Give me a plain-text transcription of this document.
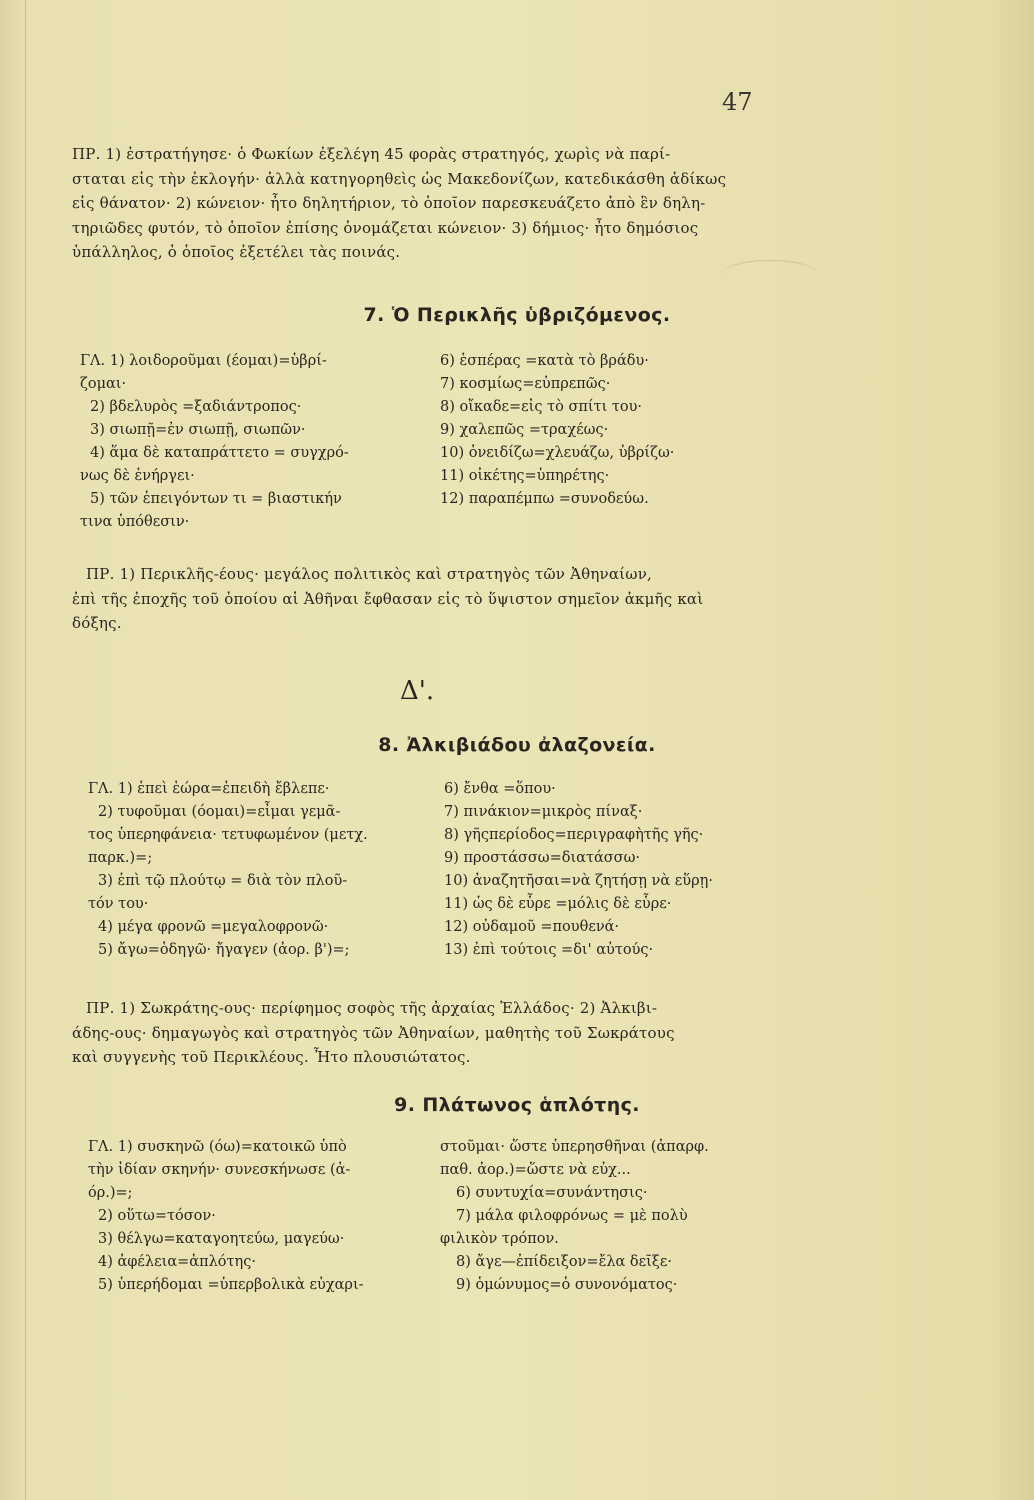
47
ΠΡ. 1) ἐστρατήγησε· ὁ Φωκίων ἐξελέγη 45 φορὰς στρατηγός, χωρὶς νὰ παρί-
σταται εἰς τὴν ἐκλογήν· ἀλλὰ κατηγορηθεὶς ὡς Μακεδονίζων, κατεδικάσθη ἀδίκως
εἰς θάνατον· 2) κώνειον· ἦτο δηλητήριον, τὸ ὁποῖον παρεσκευάζετο ἀπὸ ἓν δηλη-
τηριῶδες φυτόν, τὸ ὁποῖον ἐπίσης ὀνομάζεται κώνειον· 3) δήμιος· ἦτο δημόσιος
ὑπάλληλος, ὁ ὁποῖος ἐξετέλει τὰς ποινάς.
7. Ὁ Περικλῆς ὑβριζόμενος.
ΓΛ. 1) λοιδοροῦμαι (έομαι)=ὑβρί-
ζομαι·
2) βδελυρὸς =ξαδιάντροπος·
3) σιωπῇ=ἐν σιωπῇ, σιωπῶν·
4) ἅμα δὲ καταπράττετο = συγχρό-
νως δὲ ἐνήργει·
5) τῶν ἐπειγόντων τι = βιαστικήν
τινα ὑπόθεσιν·
6) ἑσπέρας =κατὰ τὸ βράδυ·
7) κοσμίως=εὐπρεπῶς·
8) οἴκαδε=εἰς τὸ σπίτι του·
9) χαλεπῶς =τραχέως·
10) ὀνειδίζω=χλευάζω, ὑβρίζω·
11) οἰκέτης=ὑπηρέτης·
12) παραπέμπω =συνοδεύω.
ΠΡ. 1) Περικλῆς-έους· μεγάλος πολιτικὸς καὶ στρατηγὸς τῶν Ἀθηναίων,
ἐπὶ τῆς ἐποχῆς τοῦ ὁποίου αἱ Ἀθῆναι ἔφθασαν εἰς τὸ ὕψιστον σημεῖον ἀκμῆς καὶ
δόξης.
Δ'.
8. Ἀλκιβιάδου ἀλαζονεία.
ΓΛ. 1) ἐπεὶ ἑώρα=ἐπειδὴ ἔβλεπε·
2) τυφοῦμαι (όομαι)=εἶμαι γεμᾶ-
τος ὑπερηφάνεια· τετυφωμένον (μετχ.
παρκ.)=;
3) ἐπὶ τῷ πλούτῳ = διὰ τὸν πλοῦ-
τόν του·
4) μέγα φρονῶ =μεγαλοφρονῶ·
5) ἄγω=ὁδηγῶ· ἤγαγεν (ἀορ. β')=;
6) ἔνθα =ὅπου·
7) πινάκιον=μικρὸς πίναξ·
8) γῆςπερίοδος=περιγραφὴτῆς γῆς·
9) προστάσσω=διατάσσω·
10) ἀναζητῆσαι=νὰ ζητήσῃ νὰ εὕρῃ·
11) ὡς δὲ εὗρε =μόλις δὲ εὗρε·
12) οὐδαμοῦ =πουθενά·
13) ἐπὶ τούτοις =δι' αὐτούς·
ΠΡ. 1) Σωκράτης-ους· περίφημος σοφὸς τῆς ἀρχαίας Ἑλλάδος· 2) Ἀλκιβι-
άδης-ους· δημαγωγὸς καὶ στρατηγὸς τῶν Ἀθηναίων, μαθητὴς τοῦ Σωκράτους
καὶ συγγενὴς τοῦ Περικλέους. Ἦτο πλουσιώτατος.
9. Πλάτωνος ἁπλότης.
ΓΛ. 1) συσκηνῶ (όω)=κατοικῶ ὑπὸ
τὴν ἰδίαν σκηνήν· συνεσκήνωσε (ἀ-
όρ.)=;
2) οὕτω=τόσον·
3) θέλγω=καταγοητεύω, μαγεύω·
4) ἀφέλεια=ἁπλότης·
5) ὑπερήδομαι =ὑπερβολικὰ εὐχαρι-
στοῦμαι· ὥστε ὑπερησθῆναι (ἀπαρφ.
παθ. ἀορ.)=ὥστε νὰ εὐχ...
6) συντυχία=συνάντησις·
7) μάλα φιλοφρόνως = μὲ πολὺ
φιλικὸν τρόπον.
8) ἄγε—ἐπίδειξον=ἔλα δεῖξε·
9) ὁμώνυμος=ὁ συνονόματος·
